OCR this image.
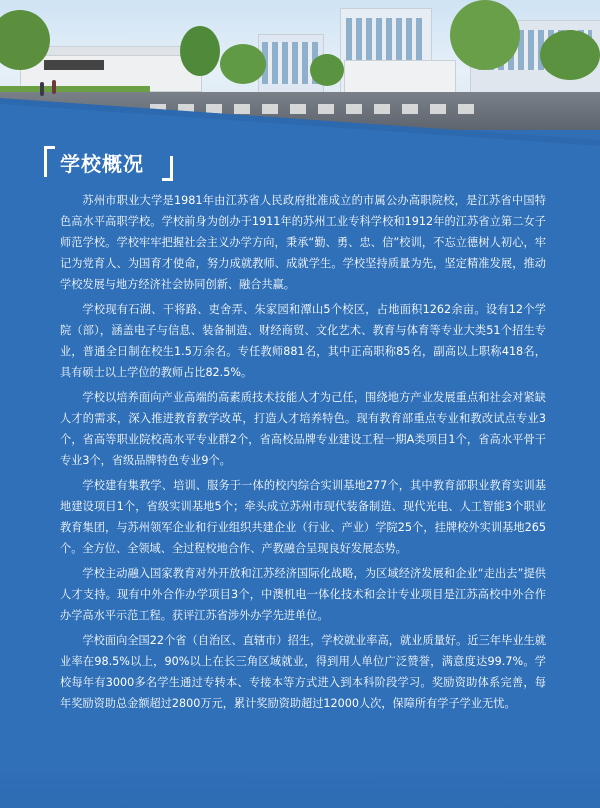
学校概况

苏州市职业大学是1981年由江苏省人民政府批准成立的市属公办高职院校，是江苏省中国特色高水平高职学校。学校前身为创办于1911年的苏州工业专科学校和1912年的江苏省立第二女子师范学校。学校牢牢把握社会主义办学方向，秉承“勤、勇、忠、信”校训，不忘立德树人初心，牢记为党育人、为国育才使命，努力成就教师、成就学生。学校坚持质量为先，坚定精准发展，推动学校发展与地方经济社会协同创新、融合共赢。

学校现有石湖、干将路、吏舍弄、朱家园和潭山5个校区，占地面积1262余亩。设有12个学院（部），涵盖电子与信息、装备制造、财经商贸、文化艺术、教育与体育等专业大类51个招生专业，普通全日制在校生1.5万余名。专任教师881名，其中正高职称85名，副高以上职称418名，具有硕士以上学位的教师占比82.5%。

学校以培养面向产业高端的高素质技术技能人才为己任，围绕地方产业发展重点和社会对紧缺人才的需求，深入推进教育教学改革，打造人才培养特色。现有教育部重点专业和教改试点专业3个，省高等职业院校高水平专业群2个，省高校品牌专业建设工程一期A类项目1个，省高水平骨干专业3个，省级品牌特色专业9个。

学校建有集教学、培训、服务于一体的校内综合实训基地277个，其中教育部职业教育实训基地建设项目1个，省级实训基地5个；牵头成立苏州市现代装备制造、现代光电、人工智能3个职业教育集团，与苏州领军企业和行业组织共建企业（行业、产业）学院25个，挂牌校外实训基地265个。全方位、全领域、全过程校地合作、产教融合呈现良好发展态势。

学校主动融入国家教育对外开放和江苏经济国际化战略，为区域经济发展和企业“走出去”提供人才支持。现有中外合作办学项目3个，中澳机电一体化技术和会计专业项目是江苏高校中外合作办学高水平示范工程。获评江苏省涉外办学先进单位。

学校面向全国22个省（自治区、直辖市）招生，学校就业率高，就业质量好。近三年毕业生就业率在98.5%以上，90%以上在长三角区域就业，得到用人单位广泛赞誉，满意度达99.7%。学校每年有3000多名学生通过专转本、专接本等方式进入到本科阶段学习。奖励资助体系完善，每年奖励资助总金额超过2800万元，累计奖励资助超过12000人次，保障所有学子学业无忧。
